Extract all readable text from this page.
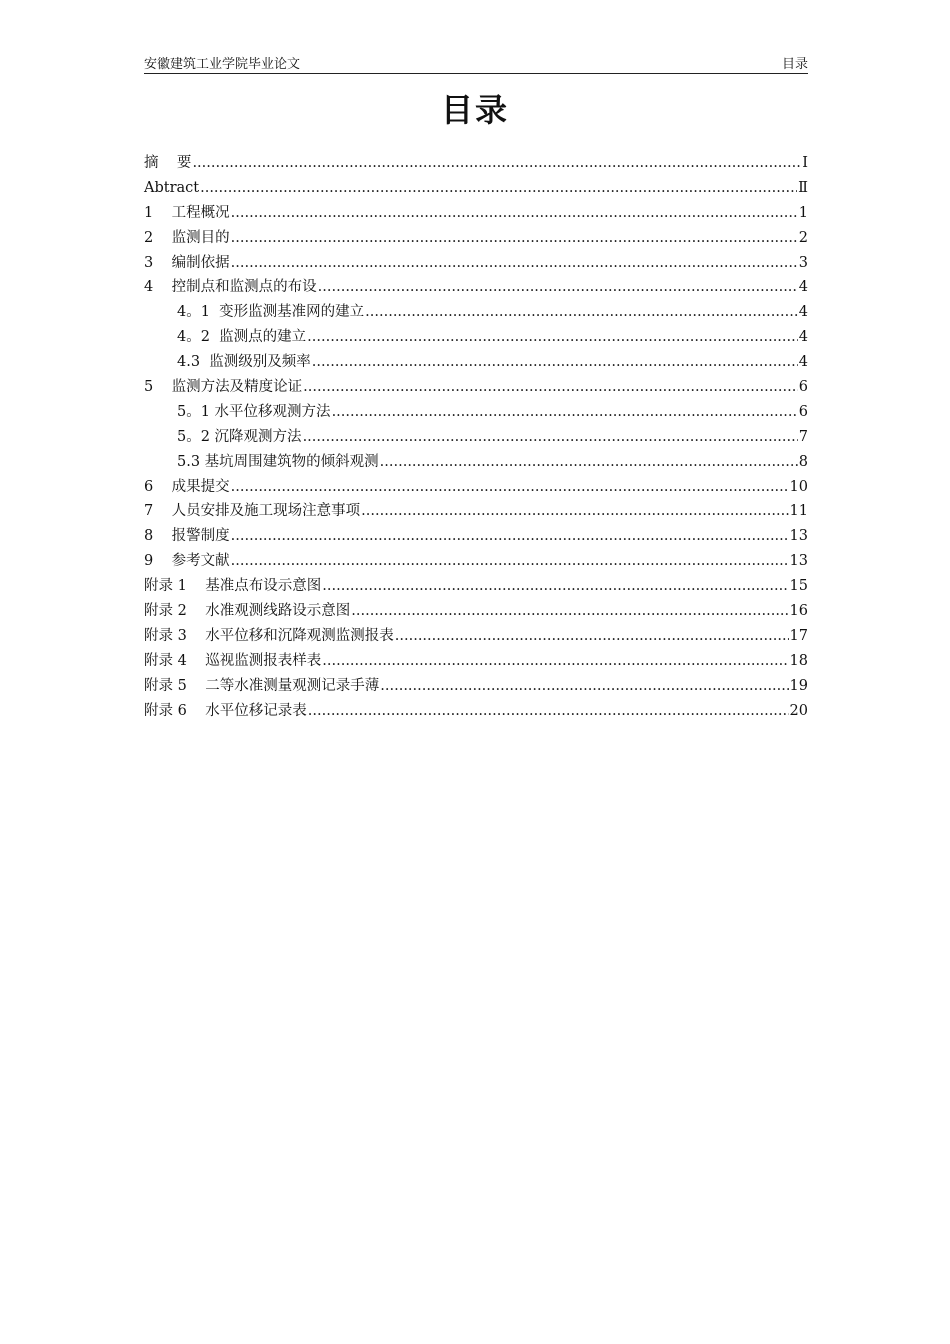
安徽建筑工业学院毕业论文	目录
目录
摘    要 .....	I
Abtract .....	Ⅱ
1    工程概况 .....	1
2    监测目的 .....	2
3    编制依据 .....	3
4    控制点和监测点的布设 .....	4
4。1  变形监测基准网的建立 .....	4
4。2  监测点的建立 .....	4
4.3  监测级别及频率 .....	4
5    监测方法及精度论证 .....	6
5。1 水平位移观测方法 .....	6
5。2 沉降观测方法 .....	7
5.3 基坑周围建筑物的倾斜观测 .....	8
6    成果提交 .....	10
7    人员安排及施工现场注意事项 .....	11
8    报警制度 .....	13
9    参考文献 .....	13
附录 1    基准点布设示意图 .....	15
附录 2    水准观测线路设示意图 .....	16
附录 3    水平位移和沉降观测监测报表 .....	17
附录 4    巡视监测报表样表 .....	18
附录 5    二等水准测量观测记录手薄 .....	19
附录 6    水平位移记录表 .....	20
